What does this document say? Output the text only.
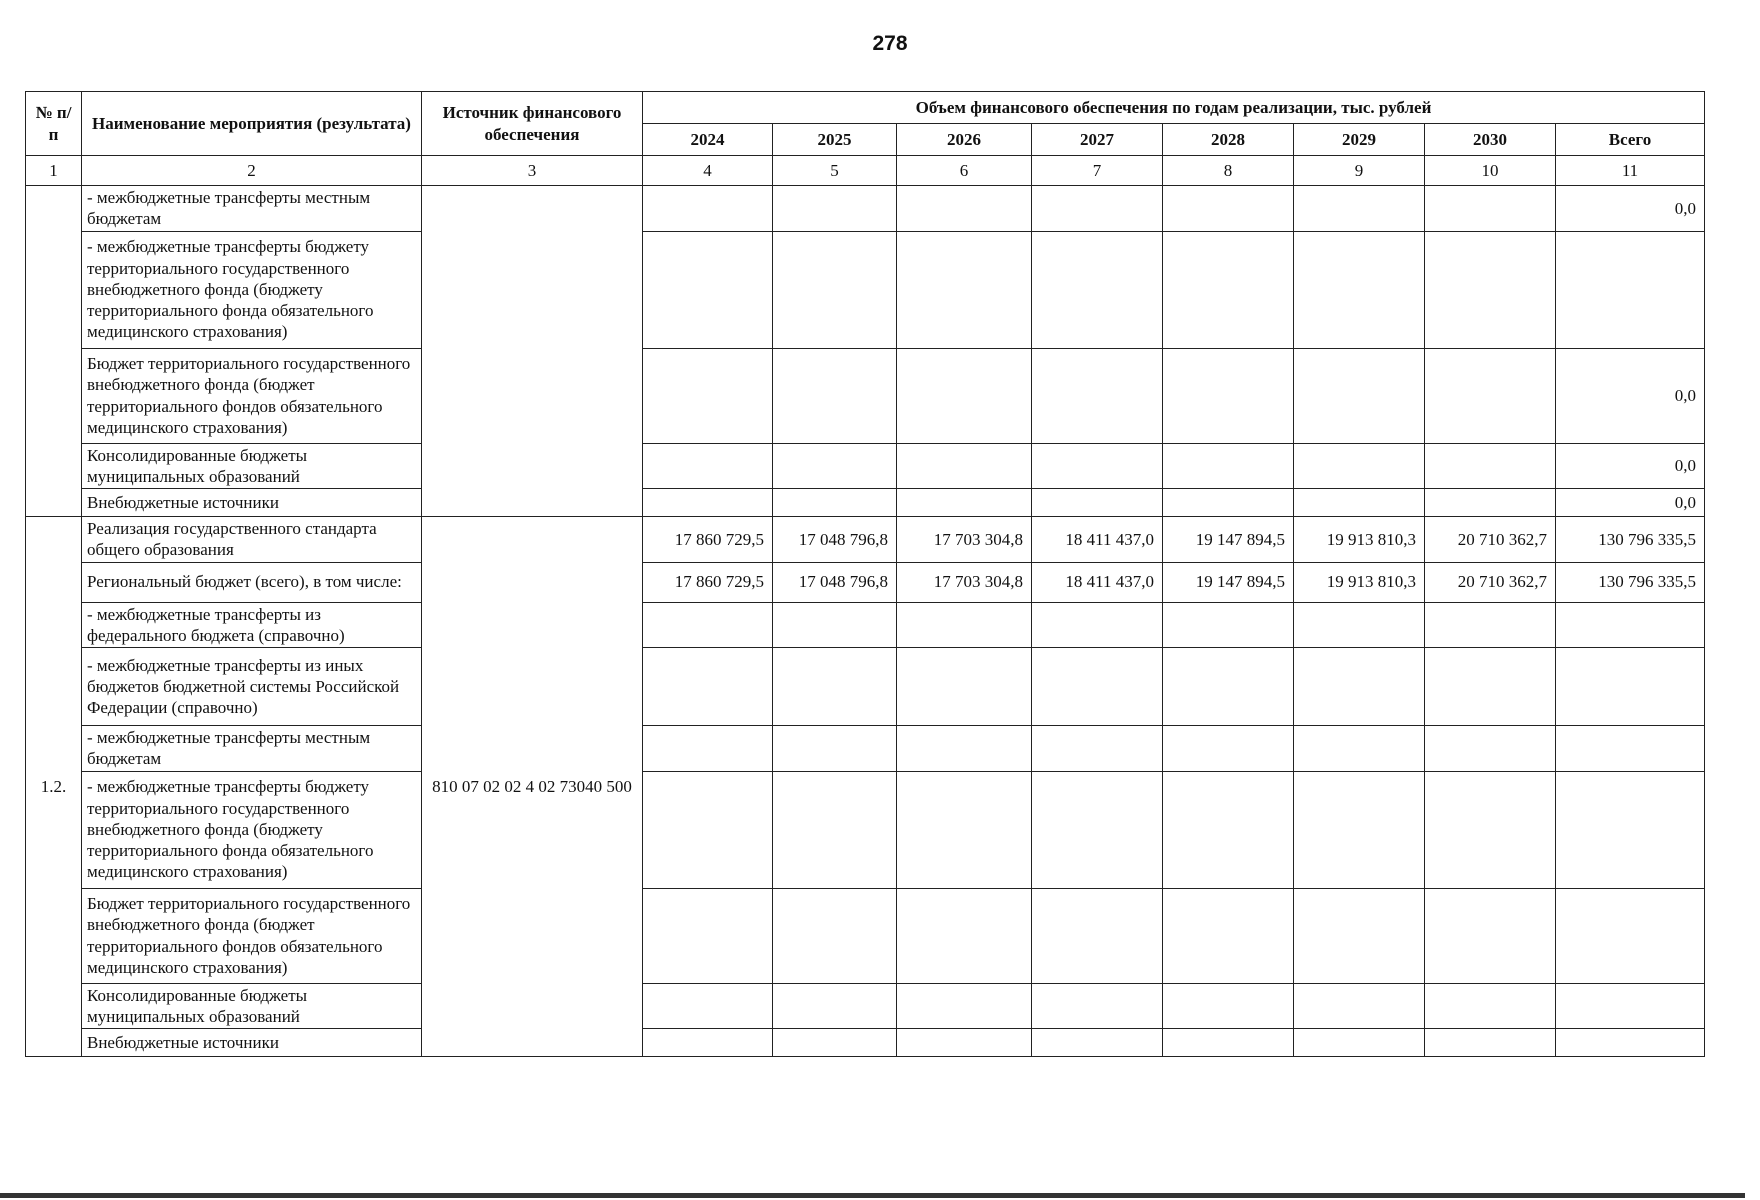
278
№ п/п	Наименование мероприятия (результата)	Источник финансового обеспечения	Объем финансового обеспечения по годам реализации, тыс. рублей							
			2024	2025	2026	2027	2028	2029	2030	Всего
1	2	3	4	5	6	7	8	9	10	11
	- межбюджетные трансферты местным бюджетам									0,0
	- межбюджетные трансферты бюджету территориального государственного внебюджетного фонда (бюджету территориального фонда обязательного медицинского страхования)									
	Бюджет территориального государственного внебюджетного фонда (бюджет территориального фондов обязательного медицинского страхования)									0,0
	Консолидированные бюджеты муниципальных образований									0,0
	Внебюджетные источники									0,0
1.2.	Реализация государственного стандарта общего образования	810 07 02 02 4 02 73040 500	17 860 729,5	17 048 796,8	17 703 304,8	18 411 437,0	19 147 894,5	19 913 810,3	20 710 362,7	130 796 335,5
	Региональный бюджет (всего), в том числе:		17 860 729,5	17 048 796,8	17 703 304,8	18 411 437,0	19 147 894,5	19 913 810,3	20 710 362,7	130 796 335,5
	- межбюджетные трансферты из федерального бюджета (справочно)									
	- межбюджетные трансферты из иных бюджетов бюджетной системы Российской Федерации (справочно)									
	- межбюджетные трансферты местным бюджетам									
	- межбюджетные трансферты бюджету территориального государственного внебюджетного фонда (бюджету территориального фонда обязательного медицинского страхования)									
	Бюджет территориального государственного внебюджетного фонда (бюджет территориального фондов обязательного медицинского страхования)									
	Консолидированные бюджеты муниципальных образований									
	Внебюджетные источники									
